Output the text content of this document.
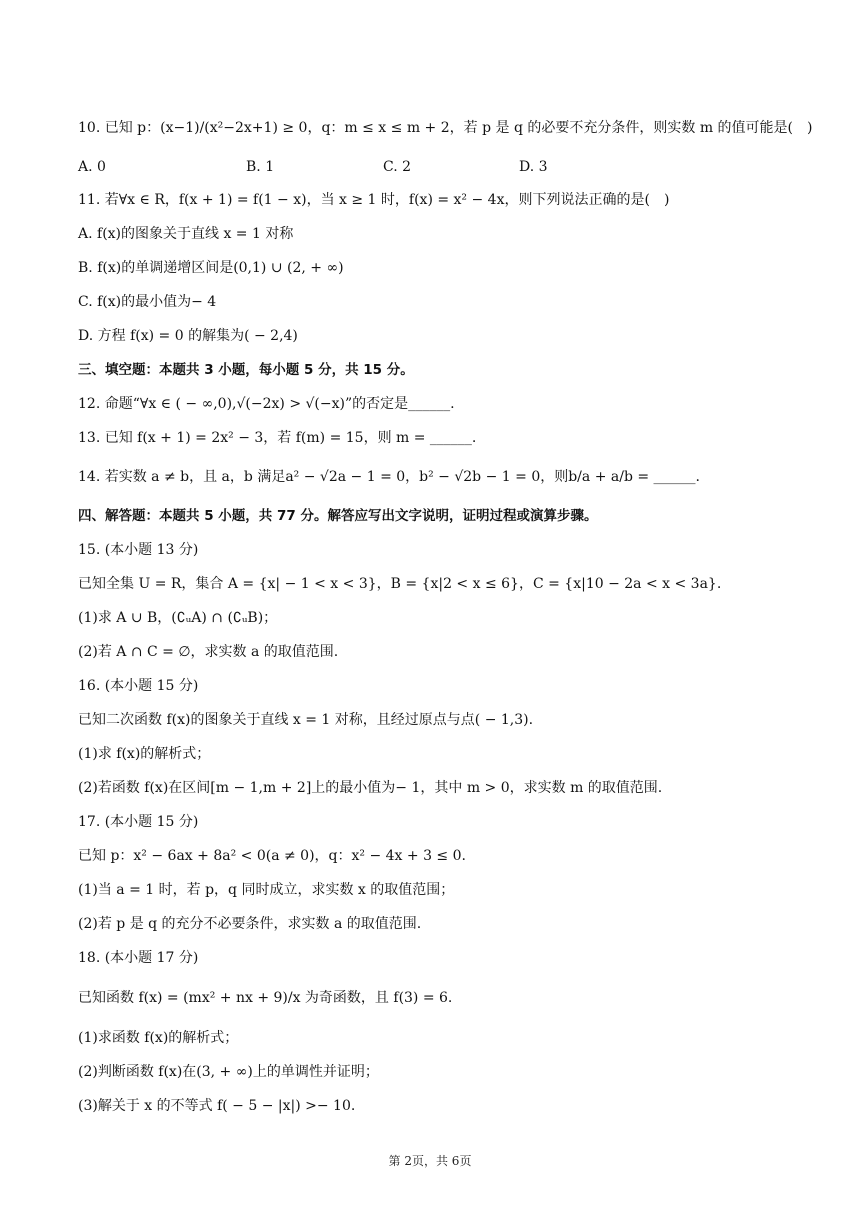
10. 已知 p：(x−1)/(x²−2x+1) ≥ 0，q：m ≤ x ≤ m + 2，若 p 是 q 的必要不充分条件，则实数 m 的值可能是(　)
A. 0	B. 1	C. 2	D. 3
11. 若∀x ∈ R，f(x + 1) = f(1 − x)，当 x ≥ 1 时，f(x) = x² − 4x，则下列说法正确的是(　)
A. f(x)的图象关于直线 x = 1 对称
B. f(x)的单调递增区间是(0,1) ∪ (2, + ∞)
C. f(x)的最小值为− 4
D. 方程 f(x) = 0 的解集为( − 2,4)
三、填空题：本题共 3 小题，每小题 5 分，共 15 分。
12. 命题“∀x ∈ ( − ∞,0),√(−2x) > √(−x)”的否定是______.
13. 已知 f(x + 1) = 2x² − 3，若 f(m) = 15，则 m = ______.
14. 若实数 a ≠ b，且 a，b 满足a² − √2a − 1 = 0，b² − √2b − 1 = 0，则b/a + a/b = ______.
四、解答题：本题共 5 小题，共 77 分。解答应写出文字说明，证明过程或演算步骤。
15. (本小题 13 分)
已知全集 U = R，集合 A = {x| − 1 < x < 3}，B = {x|2 < x ≤ 6}，C = {x|10 − 2a < x < 3a}.
(1)求 A ∪ B，(∁ᵤA) ∩ (∁ᵤB)；
(2)若 A ∩ C = ∅，求实数 a 的取值范围.
16. (本小题 15 分)
已知二次函数 f(x)的图象关于直线 x = 1 对称，且经过原点与点( − 1,3).
(1)求 f(x)的解析式；
(2)若函数 f(x)在区间[m − 1,m + 2]上的最小值为− 1，其中 m > 0，求实数 m 的取值范围.
17. (本小题 15 分)
已知 p：x² − 6ax + 8a² < 0(a ≠ 0)，q：x² − 4x + 3 ≤ 0.
(1)当 a = 1 时，若 p，q 同时成立，求实数 x 的取值范围；
(2)若 p 是 q 的充分不必要条件，求实数 a 的取值范围.
18. (本小题 17 分)
已知函数 f(x) = (mx² + nx + 9)/x 为奇函数，且 f(3) = 6.
(1)求函数 f(x)的解析式；
(2)判断函数 f(x)在(3, + ∞)上的单调性并证明；
(3)解关于 x 的不等式 f( − 5 − |x|) >− 10.
第 2页，共 6页
